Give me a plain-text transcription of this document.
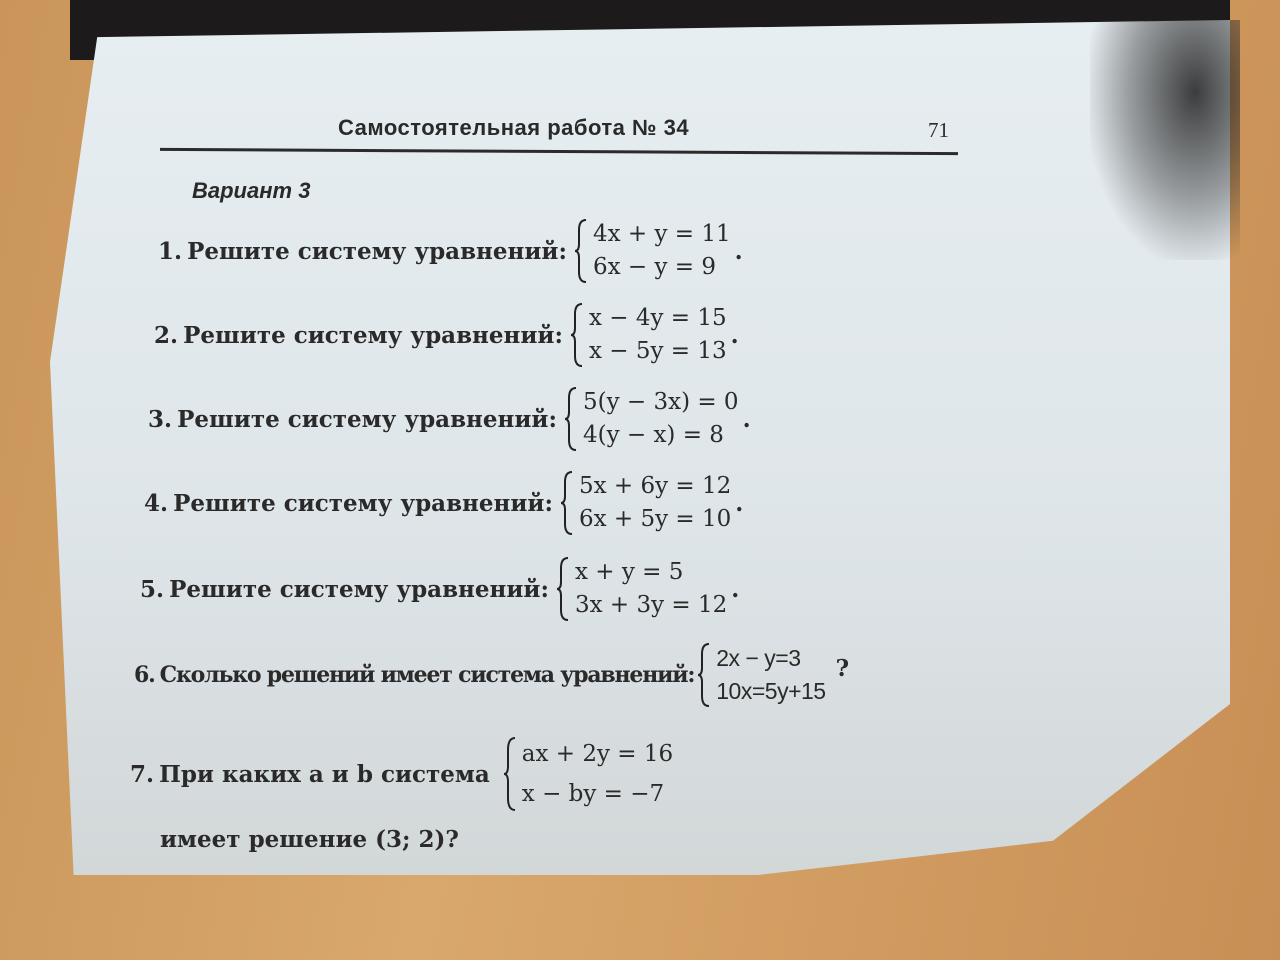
Самостоятельная работа № 34	71
Вариант 3
1.
Решите систему уравнений:
4x + y = 11
6x − y = 9
.
2.
Решите систему уравнений:
x − 4y = 15
x − 5y = 13
.
3.
Решите систему уравнений:
5(y − 3x) = 0
4(y − x) = 8
.
4.
Решите систему уравнений:
5x + 6y = 12
6x + 5y = 10
.
5.
Решите систему уравнений:
x + y = 5
3x + 3y = 12
.
6.
Сколько решений имеет система уравнений:
2x − y=3
10x=5y+15
?
7.
При каких a и b система
ax + 2y = 16
x − by = −7
имеет решение (3; 2)?
